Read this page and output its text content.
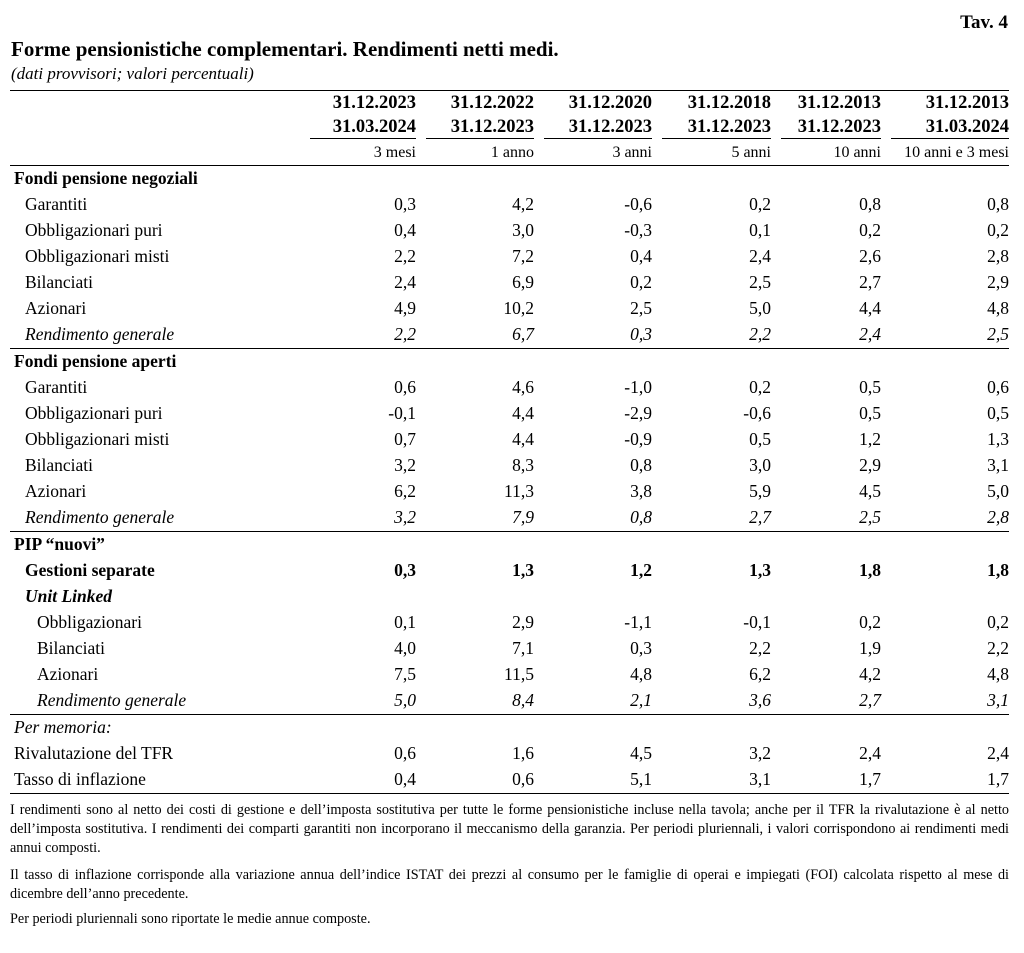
Tav. 4
Forme pensionistiche complementari. Rendimenti netti medi.
(dati provvisori; valori percentuali)
	31.12.2023	31.12.2022	31.12.2020	31.12.2018	31.12.2013	31.12.2013

	31.03.2024	31.12.2023	31.12.2023	31.12.2023	31.12.2023	31.03.2024

	3 mesi	1 anno	3 anni	5 anni	10 anni	10 anni e 3 mesi
Fondi pensione negoziali						
Garantiti	0,3	4,2	-0,6	0,2	0,8	0,8
Obbligazionari puri	0,4	3,0	-0,3	0,1	0,2	0,2
Obbligazionari misti	2,2	7,2	0,4	2,4	2,6	2,8
Bilanciati	2,4	6,9	0,2	2,5	2,7	2,9
Azionari	4,9	10,2	2,5	5,0	4,4	4,8
Rendimento generale	2,2	6,7	0,3	2,2	2,4	2,5
Fondi pensione aperti						
Garantiti	0,6	4,6	-1,0	0,2	0,5	0,6
Obbligazionari puri	-0,1	4,4	-2,9	-0,6	0,5	0,5
Obbligazionari misti	0,7	4,4	-0,9	0,5	1,2	1,3
Bilanciati	3,2	8,3	0,8	3,0	2,9	3,1
Azionari	6,2	11,3	3,8	5,9	4,5	5,0
Rendimento generale	3,2	7,9	0,8	2,7	2,5	2,8
PIP “nuovi”						
Gestioni separate	0,3	1,3	1,2	1,3	1,8	1,8
Unit Linked						
Obbligazionari	0,1	2,9	-1,1	-0,1	0,2	0,2
Bilanciati	4,0	7,1	0,3	2,2	1,9	2,2
Azionari	7,5	11,5	4,8	6,2	4,2	4,8
Rendimento generale	5,0	8,4	2,1	3,6	2,7	3,1
Per memoria:						
Rivalutazione del TFR	0,6	1,6	4,5	3,2	2,4	2,4
Tasso di inflazione	0,4	0,6	5,1	3,1	1,7	1,7
I rendimenti sono al netto dei costi di gestione e dell’imposta sostitutiva per tutte le forme pensionistiche incluse nella tavola; anche per il TFR la rivalutazione è al netto dell’imposta sostitutiva. I rendimenti dei comparti garantiti non incorporano il meccanismo della garanzia. Per periodi pluriennali, i valori corrispondono ai rendimenti medi annui composti.
Il tasso di inflazione corrisponde alla variazione annua dell’indice ISTAT dei prezzi al consumo per le famiglie di operai e impiegati (FOI) calcolata rispetto al mese di dicembre dell’anno precedente.
Per periodi pluriennali sono riportate le medie annue composte.
